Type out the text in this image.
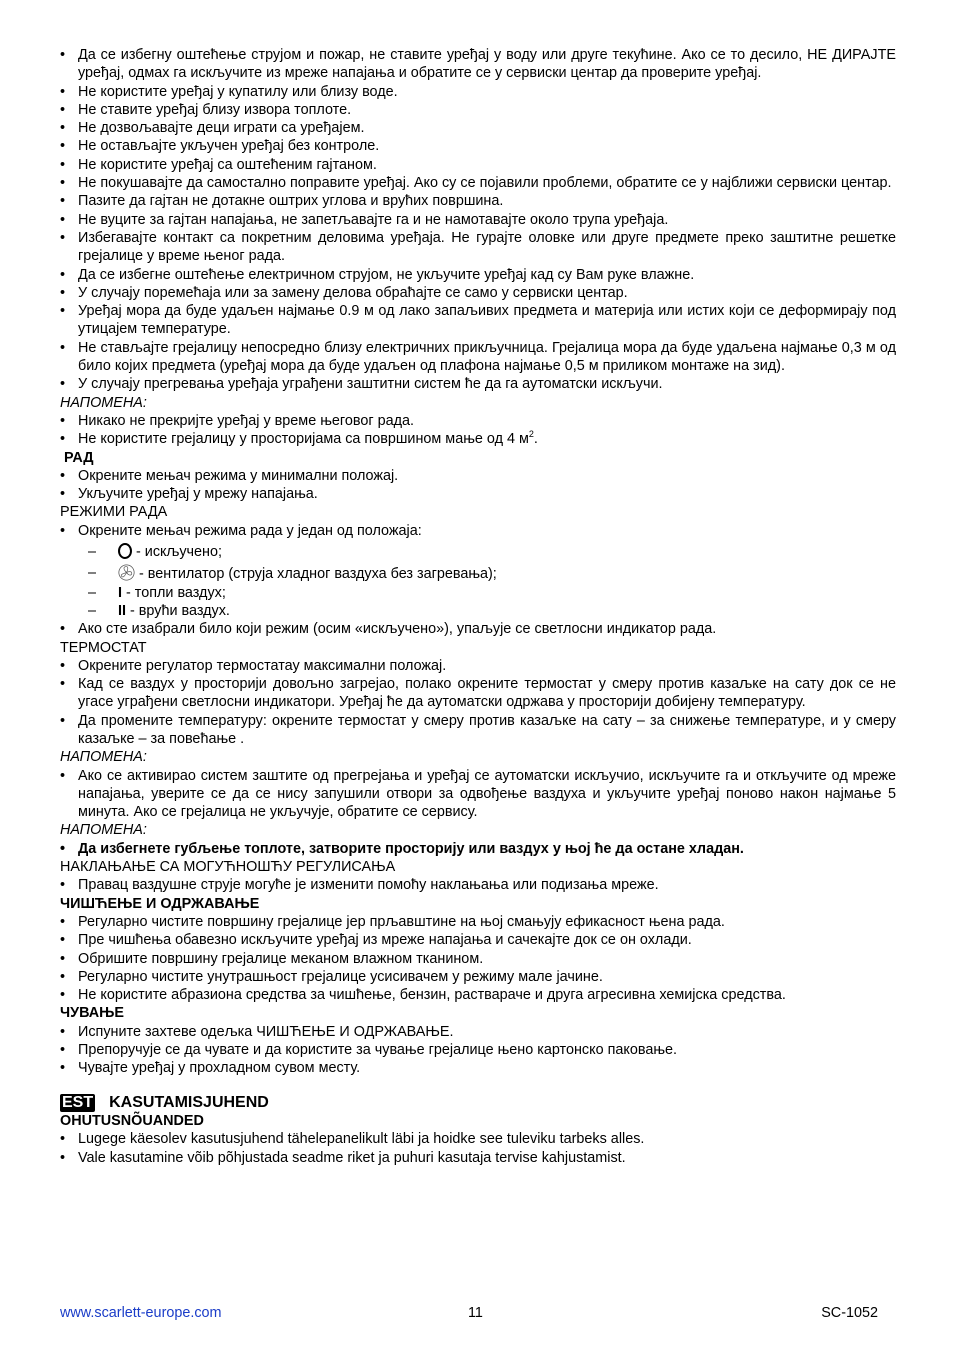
• Да се избегну оштећење струјом и пожар, не ставите уређај у воду или друге текућине. Ако се то десило, НЕ ДИРАЈТЕ уређај, одмах га искључите из мреже напајања и обратите се у сервиски центар да проверите уређај.
• Не користите уређај у купатилу или близу воде.
• Не ставите уређај близу извора топлоте.
• Не дозвољавајте деци играти са уређајем.
• Не остављајте укључен уређај без контроле.
• Не користите уређај са оштећеним гајтаном.
• Не покушавајте да самостално поправите уређај. Ако су се појавили проблеми, обратите се у најближи сервиски центар.
• Пазите да гајтан не дотакне оштрих углова и врућих површина.
• Не вуците за гајтан напајања, не запетљавајте га и не намотавајте около трупа уређаја.
• Избегавајте контакт са покретним деловима уређаја. Не гурајте оловке или друге предмете преко заштитне решетке грејалице у време њеног рада.
• Да се избегне оштећење електричном струјом, не укључите уређај кад су Вам руке влажне.
• У случају поремећаја или за замену делова обраћајте се само у сервиски центар.
• Уређај мора да буде удаљен најмање 0.9 м од лако запаљивих предмета и материја или истих који се деформирају под утицајем температуре.
• Не стављајте грејалицу непосредно близу електричних прикључница. Грејалица мора да буде удаљена најмање 0,3 м од било којих предмета (уређај мора да буде удаљен од плафона најмање 0,5 м приликом монтаже на зид).
• У случају прегревања уређаја уграђени заштитни систем ће да га аутоматски искључи.

НАПОМЕНА:

• Никако не прекријте уређај у време његовог рада.
• Не користите грејалицу у просторијама са површином мање од 4 $м^2$.

РАД

• Окрените мењач режима у минимални положај.
• Укључите уређај у мрежу напајања.

РЕЖИМИ РАДА

• Окрените мењач режима рада у један од положаја:
–	- искључено;
–	- вентилатор (струја хладног ваздуха без загревања);
– I - топли ваздух;
– II - врући ваздух.
• Ако сте изабрали било који режим (осим «искључено»), упаљује се светлосни индикатор рада.

ТЕРМОСТАТ

• Окрените регулатор термостатау максимални положај.
• Кад се ваздух у просторији довољно загрејао, полако окрените термостат у смеру против казаљке на сату док се не угасе уграђени светлосни индикатори. Уређај ће да аутоматски одржава у просторији добијену температуру.
• Да промените температуру: окрените термостат у смеру против казаљке на сату – за снижење температуре, и у смеру казаљке – за повећање .

НАПОМЕНА:

• Ако се активирао систем заштите од прегрејања и уређај се аутоматски искључио, искључите га и откључите од мреже напајања, уверите се да се нису запушили отвори за одвођење ваздуха и укључите уређај поново након најмање 5 минута. Ако се грејалица не укључује, обратите се сервису.

НАПОМЕНА:

• Да избегнете губљење топлоте, затворите просторију или ваздух у њој ће да остане хладан.

НАКЛАЊАЊЕ СА МОГУЋНОШЋУ РЕГУЛИСАЊА

• Правац ваздушне струје могуће је изменити помоћу наклањања или подизања мреже.

ЧИШЋЕЊЕ И ОДРЖАВАЊЕ

• Регуларно чистите површину грејалице јер прљавштине на њој смањују ефикасност њена рада.
• Пре чишћења обавезно искључите уређај из мреже напајања и сачекајте док се он охлади.
• Обришите површину грејалице меканом влажном тканином.
• Регуларно чистите унутрашњост грејалице усисивачем у режиму мале јачине.
• Не користите абразиона средства за чишћење, бензин, раствараче и друга агресивна хемијска средства.

ЧУВАЊЕ

• Испуните захтеве одељка ЧИШЋЕЊЕ И ОДРЖАВАЊЕ.
• Препоручује се да чувате и да користите за чување грејалице њено картонско паковање.
• Чувајте уређај у прохладном сувом месту.
EST KASUTAMISJUHEND

OHUTUSNÕUANDED

• Lugege käesolev kasutusjuhend tähelepanelikult läbi ja hoidke see tuleviku tarbeks alles.
• Vale kasutamine võib põhjustada seadme riket ja puhuri kasutaja tervise kahjustamist.
www.scarlett-europe.com	11	SC-1052
